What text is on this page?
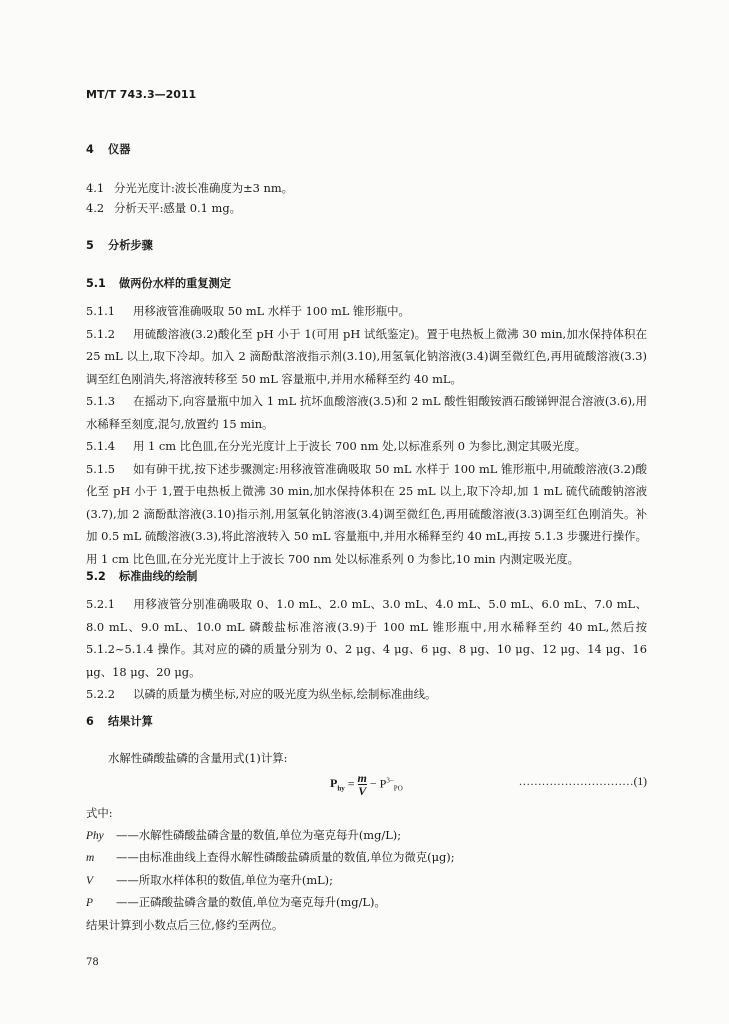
MT/T 743.3—2011
4 仪器
4.1 分光光度计:波长准确度为±3 nm。
4.2 分析天平:感量 0.1 mg。
5 分析步骤
5.1 做两份水样的重复测定
5.1.1 用移液管准确吸取 50 mL 水样于 100 mL 锥形瓶中。
5.1.2 用硫酸溶液(3.2)酸化至 pH 小于 1(可用 pH 试纸鉴定)。置于电热板上微沸 30 min,加水保持体积在 25 mL 以上,取下冷却。加入 2 滴酚酞溶液指示剂(3.10),用氢氧化钠溶液(3.4)调至微红色,再用硫酸溶液(3.3)调至红色刚消失,将溶液转移至 50 mL 容量瓶中,并用水稀释至约 40 mL。
5.1.3 在摇动下,向容量瓶中加入 1 mL 抗坏血酸溶液(3.5)和 2 mL 酸性钼酸铵酒石酸锑钾混合溶液(3.6),用水稀释至刻度,混匀,放置约 15 min。
5.1.4 用 1 cm 比色皿,在分光光度计上于波长 700 nm 处,以标准系列 0 为参比,测定其吸光度。
5.1.5 如有砷干扰,按下述步骤测定:用移液管准确吸取 50 mL 水样于 100 mL 锥形瓶中,用硫酸溶液(3.2)酸化至 pH 小于 1,置于电热板上微沸 30 min,加水保持体积在 25 mL 以上,取下冷却,加 1 mL 硫代硫酸钠溶液(3.7),加 2 滴酚酞溶液(3.10)指示剂,用氢氧化钠溶液(3.4)调至微红色,再用硫酸溶液(3.3)调至红色刚消失。补加 0.5 mL 硫酸溶液(3.3),将此溶液转入 50 mL 容量瓶中,并用水稀释至约 40 mL,再按 5.1.3 步骤进行操作。用 1 cm 比色皿,在分光光度计上于波长 700 nm 处以标准系列 0 为参比,10 min 内测定吸光度。
5.2 标准曲线的绘制
5.2.1 用移液管分别准确吸取 0、1.0 mL、2.0 mL、3.0 mL、4.0 mL、5.0 mL、6.0 mL、7.0 mL、8.0 mL、9.0 mL、10.0 mL 磷酸盐标准溶液(3.9)于 100 mL 锥形瓶中,用水稀释至约 40 mL,然后按 5.1.2~5.1.4 操作。其对应的磷的质量分别为 0、2 μg、4 μg、6 μg、8 μg、10 μg、12 μg、14 μg、16 μg、18 μg、20 μg。
5.2.2 以磷的质量为横坐标,对应的吸光度为纵坐标,绘制标准曲线。
6 结果计算
水解性磷酸盐磷的含量用式(1)计算:
$P_{hy} = \frac{m}{V} - P^{3-}_{PO}$
…………………………(1)
式中:
Phy ——水解性磷酸盐磷含量的数值,单位为毫克每升(mg/L);
m ——由标准曲线上查得水解性磷酸盐磷质量的数值,单位为微克(μg);
V ——所取水样体积的数值,单位为毫升(mL);
P ——正磷酸盐磷含量的数值,单位为毫克每升(mg/L)。
结果计算到小数点后三位,修约至两位。
78
